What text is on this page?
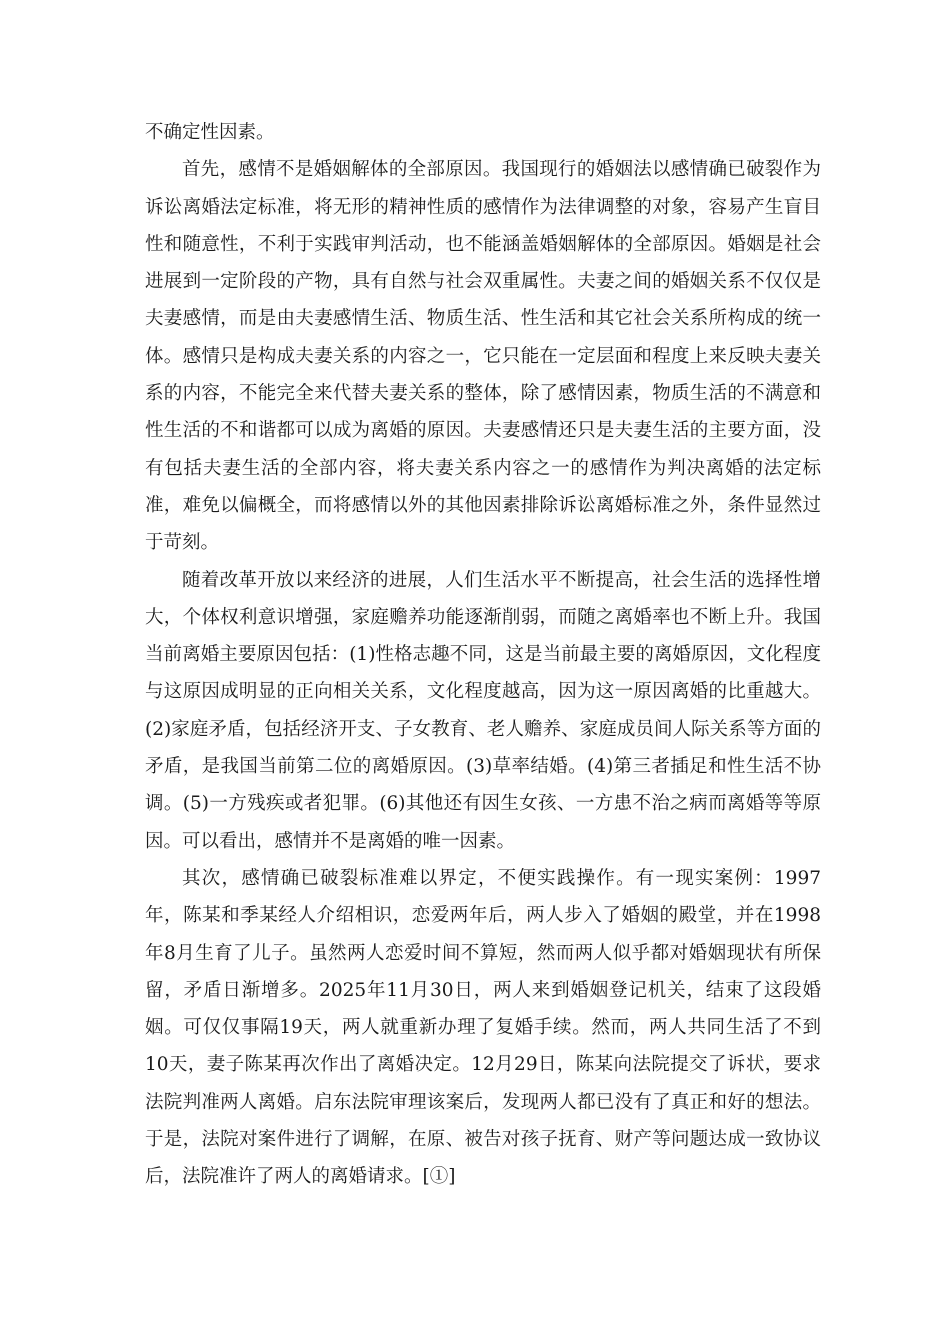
不确定性因素。

首先，感情不是婚姻解体的全部原因。我国现行的婚姻法以感情确已破裂作为诉讼离婚法定标准，将无形的精神性质的感情作为法律调整的对象，容易产生盲目性和随意性，不利于实践审判活动，也不能涵盖婚姻解体的全部原因。婚姻是社会进展到一定阶段的产物，具有自然与社会双重属性。夫妻之间的婚姻关系不仅仅是夫妻感情，而是由夫妻感情生活、物质生活、性生活和其它社会关系所构成的统一体。感情只是构成夫妻关系的内容之一，它只能在一定层面和程度上来反映夫妻关系的内容，不能完全来代替夫妻关系的整体，除了感情因素，物质生活的不满意和性生活的不和谐都可以成为离婚的原因。夫妻感情还只是夫妻生活的主要方面，没有包括夫妻生活的全部内容，将夫妻关系内容之一的感情作为判决离婚的法定标准，难免以偏概全，而将感情以外的其他因素排除诉讼离婚标准之外，条件显然过于苛刻。

随着改革开放以来经济的进展，人们生活水平不断提高，社会生活的选择性增大，个体权利意识增强，家庭赡养功能逐渐削弱，而随之离婚率也不断上升。我国当前离婚主要原因包括：(1)性格志趣不同，这是当前最主要的离婚原因，文化程度与这原因成明显的正向相关关系，文化程度越高，因为这一原因离婚的比重越大。(2)家庭矛盾，包括经济开支、子女教育、老人赡养、家庭成员间人际关系等方面的矛盾，是我国当前第二位的离婚原因。(3)草率结婚。(4)第三者插足和性生活不协调。(5)一方残疾或者犯罪。(6)其他还有因生女孩、一方患不治之病而离婚等等原因。可以看出，感情并不是离婚的唯一因素。

其次，感情确已破裂标准难以界定，不便实践操作。有一现实案例：1997年，陈某和季某经人介绍相识，恋爱两年后，两人步入了婚姻的殿堂，并在1998年8月生育了儿子。虽然两人恋爱时间不算短，然而两人似乎都对婚姻现状有所保留，矛盾日渐增多。2025年11月30日，两人来到婚姻登记机关，结束了这段婚姻。可仅仅事隔19天，两人就重新办理了复婚手续。然而，两人共同生活了不到10天，妻子陈某再次作出了离婚决定。12月29日，陈某向法院提交了诉状，要求法院判准两人离婚。启东法院审理该案后，发现两人都已没有了真正和好的想法。于是，法院对案件进行了调解，在原、被告对孩子抚育、财产等问题达成一致协议后，法院准许了两人的离婚请求。[①]
